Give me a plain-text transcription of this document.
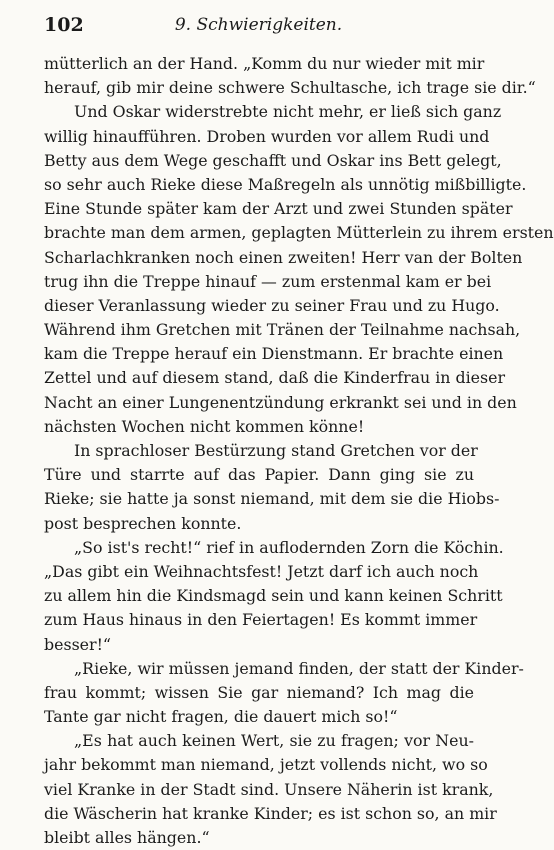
102	9. Schwierigkeiten.
mütterlich an der Hand. „Komm du nur wieder mit mir
herauf, gib mir deine schwere Schultasche, ich trage sie dir.“
Und Oskar widerstrebte nicht mehr, er ließ sich ganz
willig hinaufführen. Droben wurden vor allem Rudi und
Betty aus dem Wege geschafft und Oskar ins Bett gelegt,
so sehr auch Rieke diese Maßregeln als unnötig mißbilligte.
Eine Stunde später kam der Arzt und zwei Stunden später
brachte man dem armen, geplagten Mütterlein zu ihrem ersten
Scharlachkranken noch einen zweiten! Herr van der Bolten
trug ihn die Treppe hinauf — zum erstenmal kam er bei
dieser Veranlassung wieder zu seiner Frau und zu Hugo.
Während ihm Gretchen mit Tränen der Teilnahme nachsah,
kam die Treppe herauf ein Dienstmann. Er brachte einen
Zettel und auf diesem stand, daß die Kinderfrau in dieser
Nacht an einer Lungenentzündung erkrankt sei und in den
nächsten Wochen nicht kommen könne!
In sprachloser Bestürzung stand Gretchen vor der
Türe und starrte auf das Papier. Dann ging sie zu
Rieke; sie hatte ja sonst niemand, mit dem sie die Hiobs-
post besprechen konnte.
„So ist's recht!“ rief in auflodernden Zorn die Köchin.
„Das gibt ein Weihnachtsfest! Jetzt darf ich auch noch
zu allem hin die Kindsmagd sein und kann keinen Schritt
zum Haus hinaus in den Feiertagen! Es kommt immer
besser!“
„Rieke, wir müssen jemand finden, der statt der Kinder-
frau kommt; wissen Sie gar niemand? Ich mag die
Tante gar nicht fragen, die dauert mich so!“
„Es hat auch keinen Wert, sie zu fragen; vor Neu-
jahr bekommt man niemand, jetzt vollends nicht, wo so
viel Kranke in der Stadt sind. Unsere Näherin ist krank,
die Wäscherin hat kranke Kinder; es ist schon so, an mir
bleibt alles hängen.“
